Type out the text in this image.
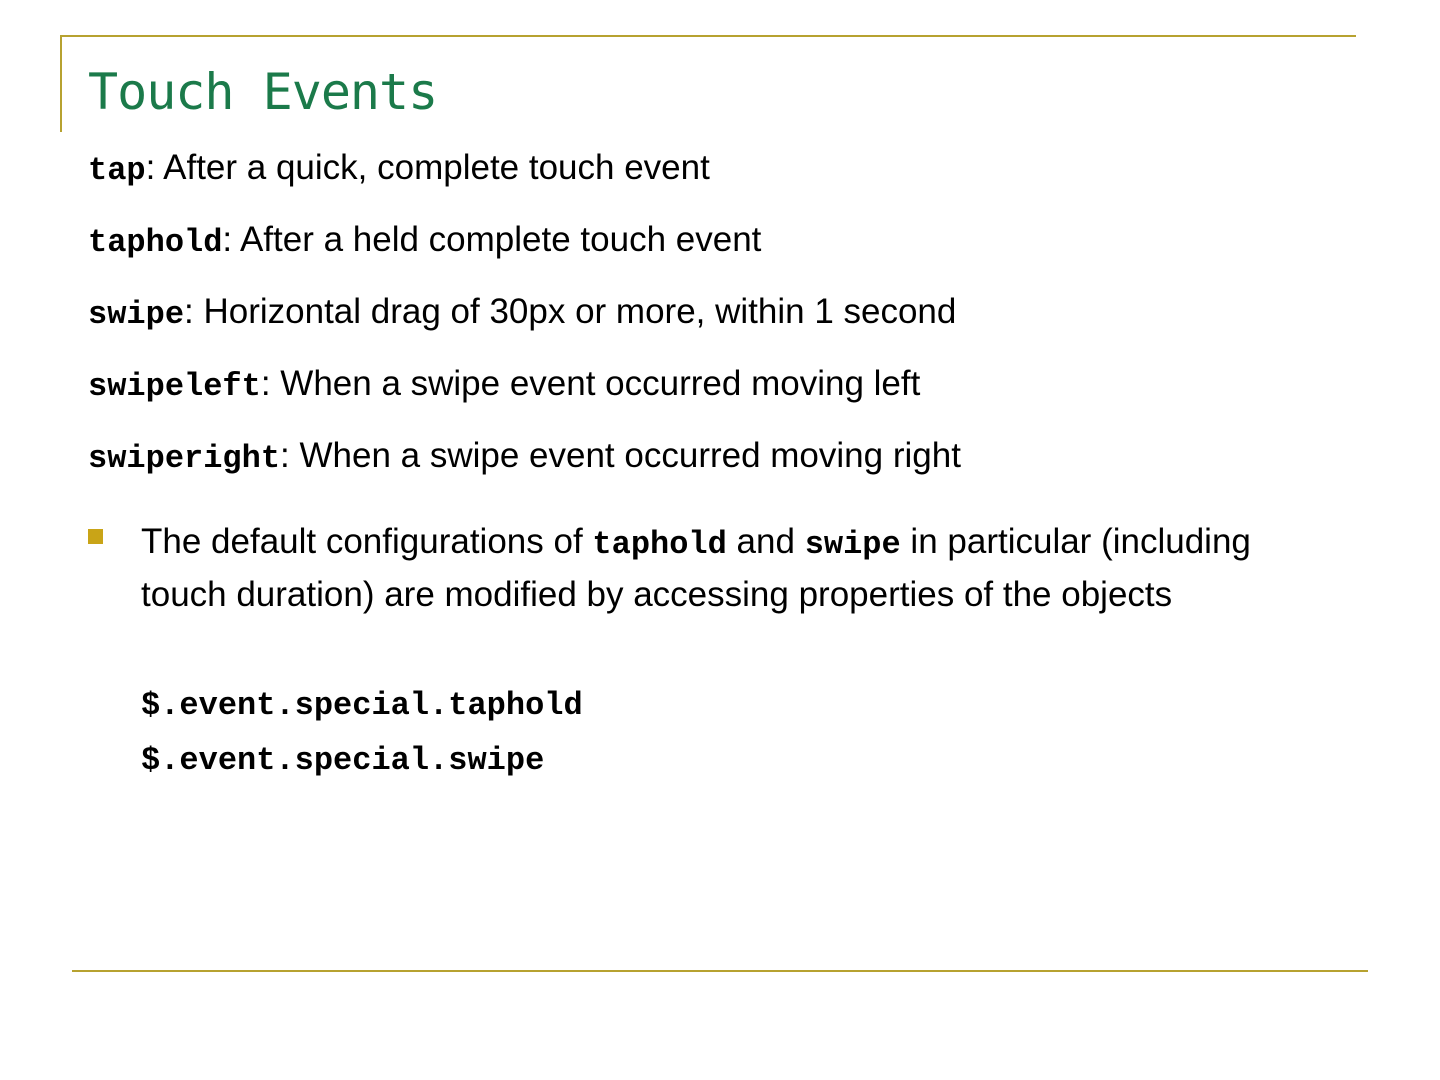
Touch Events
tap: After a quick, complete touch event
taphold: After a held complete touch event
swipe: Horizontal drag of 30px or more, within 1 second
swipeleft: When a swipe event occurred moving left
swiperight: When a swipe event occurred moving right

The default configurations of taphold and swipe in particular (including touch duration) are modified by accessing properties of the objects

$.event.special.taphold
$.event.special.swipe
